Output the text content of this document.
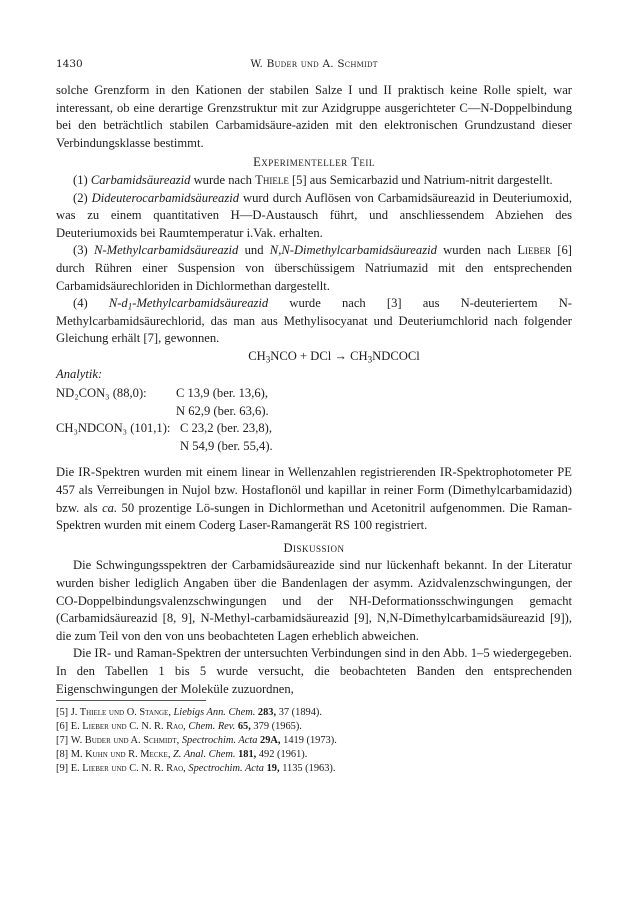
1430	W. Buder und A. Schmidt

solche Grenzform in den Kationen der stabilen Salze I und II praktisch keine Rolle spielt, war interessant, ob eine derartige Grenzstruktur mit zur Azidgruppe ausgerichteter C—N-Doppelbindung bei den beträchtlich stabilen Carbamidsäure-aziden mit den elektronischen Grundzustand dieser Verbindungsklasse bestimmt.

Experimenteller Teil

(1) Carbamidsäureazid wurde nach Thiele [5] aus Semicarbazid und Natrium-nitrit dargestellt.

(2) Dideuterocarbamidsäureazid wurd durch Auflösen von Carbamidsäureazid in Deuteriumoxid, was zu einem quantitativen H—D-Austausch führt, und anschliessendem Abziehen des Deuteriumoxids bei Raumtemperatur i.Vak. erhalten.

(3) N-Methylcarbamidsäureazid und N,N-Dimethylcarbamidsäureazid wurden nach Lieber [6] durch Rühren einer Suspension von überschüssigem Natriumazid mit den entsprechenden Carbamidsäurechloriden in Dichlormethan dargestellt.

(4) $N-d_1$-Methylcarbamidsäureazid wurde nach [3] aus N-deuteriertem N-Methylcarbamidsäurechlorid, das man aus Methylisocyanat und Deuteriumchlorid nach folgender Gleichung erhält [7], gewonnen.

$CH_3NCO$ + DCl → $CH_3NDCOCl$
Analytik:
ND₂CON₃ (88,0):	C 13,9 (ber. 13,6),
N 62,9 (ber. 63,6).
CH₃NDCON₃ (101,1): C 23,2 (ber. 23,8),
N 54,9 (ber. 55,4).

Die IR-Spektren wurden mit einem linear in Wellenzahlen registrierenden IR-Spektrophotometer PE 457 als Verreibungen in Nujol bzw. Hostaflonöl und kapillar in reiner Form (Dimethylcarbamidazid) bzw. als ca. 50 prozentige Lö-sungen in Dichlormethan und Acetonitril aufgenommen. Die Raman-Spektren wurden mit einem Coderg Laser-Ramangerät RS 100 registriert.

Diskussion

Die Schwingungsspektren der Carbamidsäureazide sind nur lückenhaft bekannt. In der Literatur wurden bisher lediglich Angaben über die Bandenlagen der asymm. Azidvalenzschwingungen, der CO-Doppelbindungsvalenzschwingungen und der NH-Deformationsschwingungen gemacht (Carbamidsäureazid [8, 9], N-Methyl-carbamidsäureazid [9], N,N-Dimethylcarbamidsäureazid [9]), die zum Teil von den von uns beobachteten Lagen erheblich abweichen.

Die IR- und Raman-Spektren der untersuchten Verbindungen sind in den Abb. 1–5 wiedergegeben. In den Tabellen 1 bis 5 wurde versucht, die beobachteten Banden den entsprechenden Eigenschwingungen der Moleküle zuzuordnen,

[5] J. Thiele und O. Stange, Liebigs Ann. Chem. 283, 37 (1894).
[6] E. Lieber und C. N. R. Rao, Chem. Rev. 65, 379 (1965).
[7] W. Buder und A. Schmidt, Spectrochim. Acta 29A, 1419 (1973).
[8] M. Kuhn und R. Mecke, Z. Anal. Chem. 181, 492 (1961).
[9] E. Lieber und C. N. R. Rao, Spectrochim. Acta 19, 1135 (1963).
